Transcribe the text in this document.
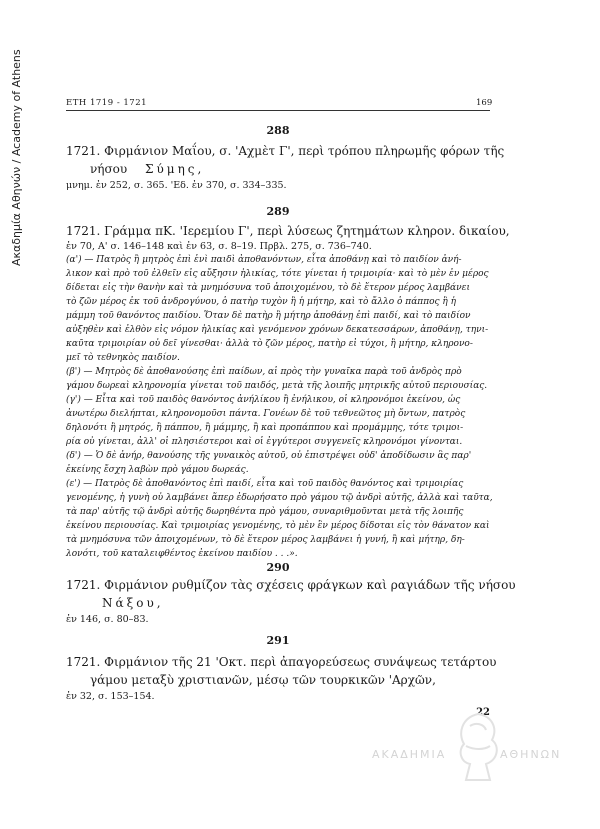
Ακαδημία Αθηνών / Academy of Athens	ΕΤΗ 1719 - 1721	169
288
1721. Φιρμάνιον Μαΐου, σ. 'Αχμὲτ Γ', περὶ τρόπου πληρωμῆς φόρων τῆς
νήσου Σύμης,
μνημ. ἐν 252, σ. 365. 'Εδ. ἐν 370, σ. 334–335.
289
1721. Γράμμα πΚ. 'Ιερεμίου Γ', περὶ λύσεως ζητημάτων κληρον. δικαίου,
ἐν 70, Α' σ. 146–148 καὶ ἐν 63, σ. 8–19. Πρβλ. 275, σ. 736–740.
(α') — Πατρὸς ἢ μητρὸς ἐπὶ ἑνὶ παιδὶ ἀποθανόντων, εἶτα ἀποθάνῃ καὶ τὸ παιδίον ἀνή-
λικον καὶ πρὸ τοῦ ἐλθεῖν εἰς αὔξησιν ἡλικίας, τότε γίνεται ἡ τριμοιρία· καὶ τὸ μὲν ἐν μέρος
δίδεται εἰς τὴν θανὴν καὶ τὰ μνημόσυνα τοῦ ἀποιχομένου, τὸ δὲ ἕτερον μέρος λαμβάνει
τὸ ζῶν μέρος ἐκ τοῦ ἀνδρογύνου, ὁ πατὴρ τυχὸν ἢ ἡ μήτηρ, καὶ τὸ ἄλλο ὁ πάππος ἢ ἡ
μάμμη τοῦ θανόντος παιδίου. Ὅταν δὲ πατὴρ ἢ μήτηρ ἀποθάνῃ ἐπὶ παιδί, καὶ τὸ παιδίον
αὐξηθὲν καὶ ἐλθὸν εἰς νόμον ἡλικίας καὶ γενόμενον χρόνων δεκατεσσάρων, ἀποθάνῃ, τηνι-
καῦτα τριμοιρίαν οὐ δεῖ γίνεσθαι· ἀλλὰ τὸ ζῶν μέρος, πατὴρ εἰ τύχοι, ἢ μήτηρ, κληρονο-
μεῖ τὸ τεθνηκὸς παιδίον.
(β') — Μητρὸς δὲ ἀποθανούσης ἐπὶ παίδων, αἱ πρὸς τὴν γυναῖκα παρὰ τοῦ ἀνδρὸς πρὸ
γάμου δωρεαὶ κληρονομία γίνεται τοῦ παιδός, μετὰ τῆς λοιπῆς μητρικῆς αὐτοῦ περιουσίας.
(γ') — Εἶτα καὶ τοῦ παιδὸς θανόντος ἀνήλίκου ἢ ἐνήλικου, οἱ κληρονόμοι ἐκείνου, ὡς
ἀνωτέρω διελήπται, κληρονομοῦσι πάντα. Γονέων δὲ τοῦ τεθνεῶτος μὴ ὄντων, πατρὸς
δηλονότι ἢ μητρός, ἢ πάππου, ἢ μάμμης, ἢ καὶ προπάππου καὶ προμάμμης, τότε τριμοι-
ρία οὐ γίνεται, ἀλλ' οἱ πλησιέστεροι καὶ οἱ ἐγγύτεροι συγγενεῖς κληρονόμοι γίνονται.
(δ') — Ὁ δὲ ἀνήρ, θανούσης τῆς γυναικὸς αὐτοῦ, οὐ ἐπιστρέψει οὐδ' ἀποδίδωσιν ἃς παρ'
ἐκείνης ἔσχη λαβὼν πρὸ γάμου δωρεάς.
(ε') — Πατρὸς δὲ ἀποθανόντος ἐπὶ παιδί, εἶτα καὶ τοῦ παιδὸς θανόντος καὶ τριμοιρίας
γενομένης, ἡ γυνὴ οὐ λαμβάνει ἅπερ ἐδωρήσατο πρὸ γάμου τῷ ἀνδρὶ αὐτῆς, ἀλλὰ καὶ ταῦτα,
τὰ παρ' αὐτῆς τῷ ἀνδρὶ αὐτῆς δωρηθέντα πρὸ γάμου, συναριθμοῦνται μετὰ τῆς λοιπῆς
ἐκείνου περιουσίας. Καὶ τριμοιρίας γενομένης, τὸ μὲν ἓν μέρος δίδοται εἰς τὸν θάνατον καὶ
τὰ μνημόσυνα τῶν ἀποιχομένων, τὸ δὲ ἕτερον μέρος λαμβάνει ἡ γυνή, ἢ καὶ μήτηρ, δη-
λονότι, τοῦ καταλειφθέντος ἐκείνου παιδίου . . .».
290
1721. Φιρμάνιον ρυθμίζον τὰς σχέσεις φράγκων καὶ ραγιάδων τῆς νήσου
Νάξου,
ἐν 146, σ. 80–83.
291
1721. Φιρμάνιον τῆς 21 'Οκτ. περὶ ἀπαγορεύσεως συνάψεως τετάρτου
γάμου μεταξὺ χριστιανῶν, μέσῳ τῶν τουρκικῶν 'Αρχῶν,
ἐν 32, σ. 153–154.
22
ΑΚΑΔΗΜΙΑ	ΑΘΗΝΩΝ
